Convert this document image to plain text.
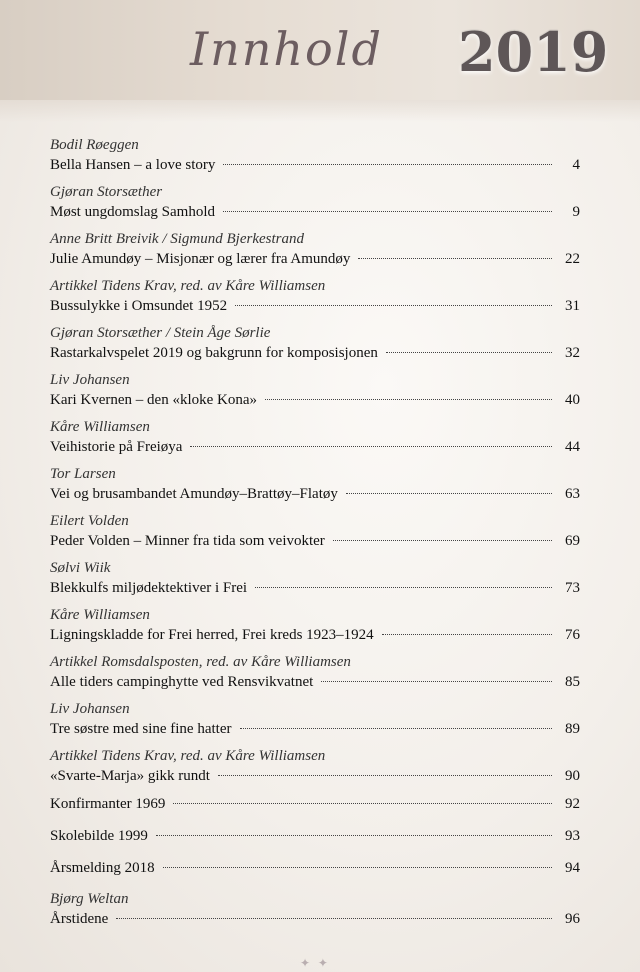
Innhold 2019
Bodil Røeggen
Bella Hansen – a love story	4
Gjøran Storsæther
Møst ungdomslag Samhold	9
Anne Britt Breivik / Sigmund Bjerkestrand
Julie Amundøy – Misjonær og lærer fra Amundøy	22
Artikkel Tidens Krav, red. av Kåre Williamsen
Bussulykke i Omsundet 1952	31
Gjøran Storsæther / Stein Åge Sørlie
Rastarkalvspelet 2019 og bakgrunn for komposisjonen	32
Liv Johansen
Kari Kvernen – den «kloke Kona»	40
Kåre Williamsen
Veihistorie på Freiøya	44
Tor Larsen
Vei og brusambandet Amundøy–Brattøy–Flatøy	63
Eilert Volden
Peder Volden – Minner fra tida som veivokter	69
Sølvi Wiik
Blekkulfs miljødektektiver i Frei	73
Kåre Williamsen
Ligningskladde for Frei herred, Frei kreds 1923–1924	76
Artikkel Romsdalsposten, red. av Kåre Williamsen
Alle tiders campinghytte ved Rensvikvatnet	85
Liv Johansen
Tre søstre med sine fine hatter	89
Artikkel Tidens Krav, red. av Kåre Williamsen
«Svarte-Marja» gikk rundt	90
Konfirmanter 1969	92
Skolebilde 1999	93
Årsmelding 2018	94
Bjørg Weltan
Årstidene	96
✦ ✦
